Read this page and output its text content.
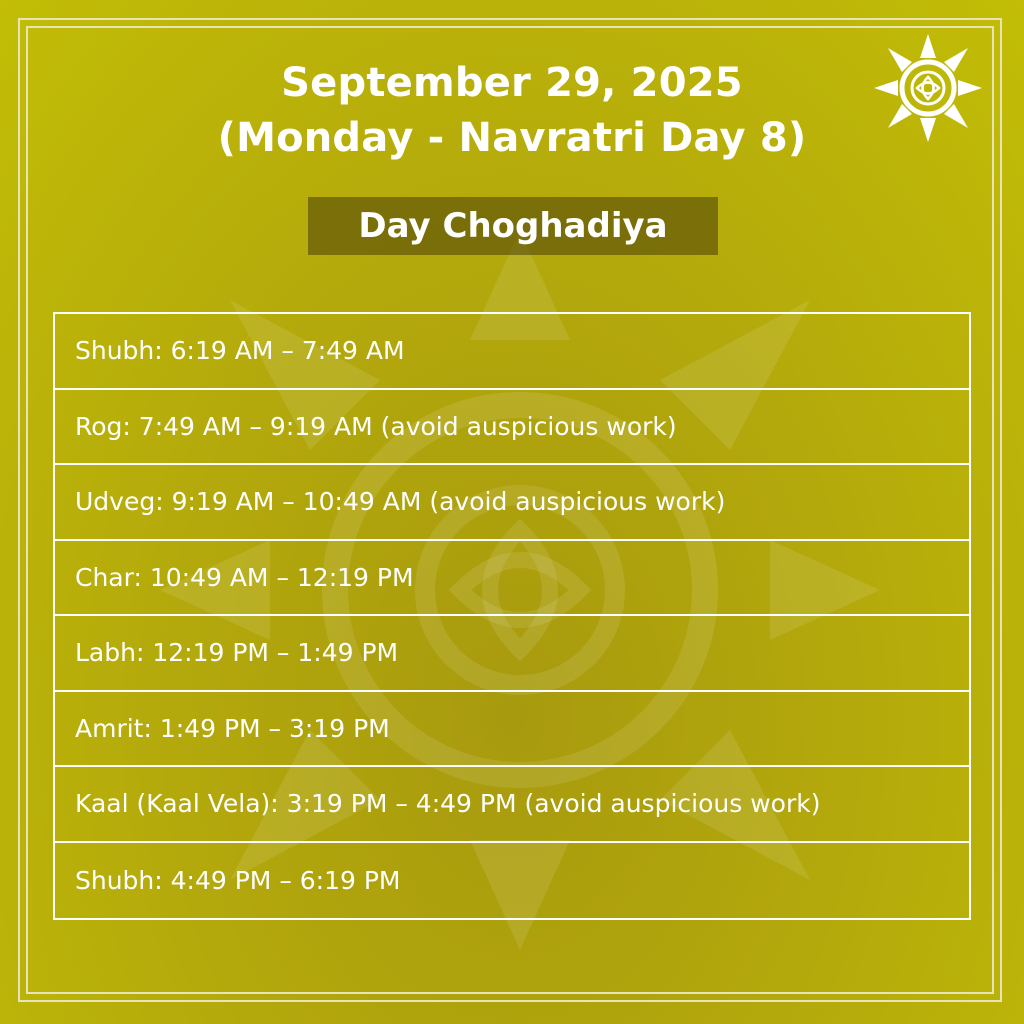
September 29, 2025
(Monday - Navratri Day 8)
Day Choghadiya
Shubh: 6:19 AM – 7:49 AM
Rog: 7:49 AM – 9:19 AM (avoid auspicious work)
Udveg: 9:19 AM – 10:49 AM (avoid auspicious work)
Char: 10:49 AM – 12:19 PM
Labh: 12:19 PM – 1:49 PM
Amrit: 1:49 PM – 3:19 PM
Kaal (Kaal Vela): 3:19 PM – 4:49 PM (avoid auspicious work)
Shubh: 4:49 PM – 6:19 PM
